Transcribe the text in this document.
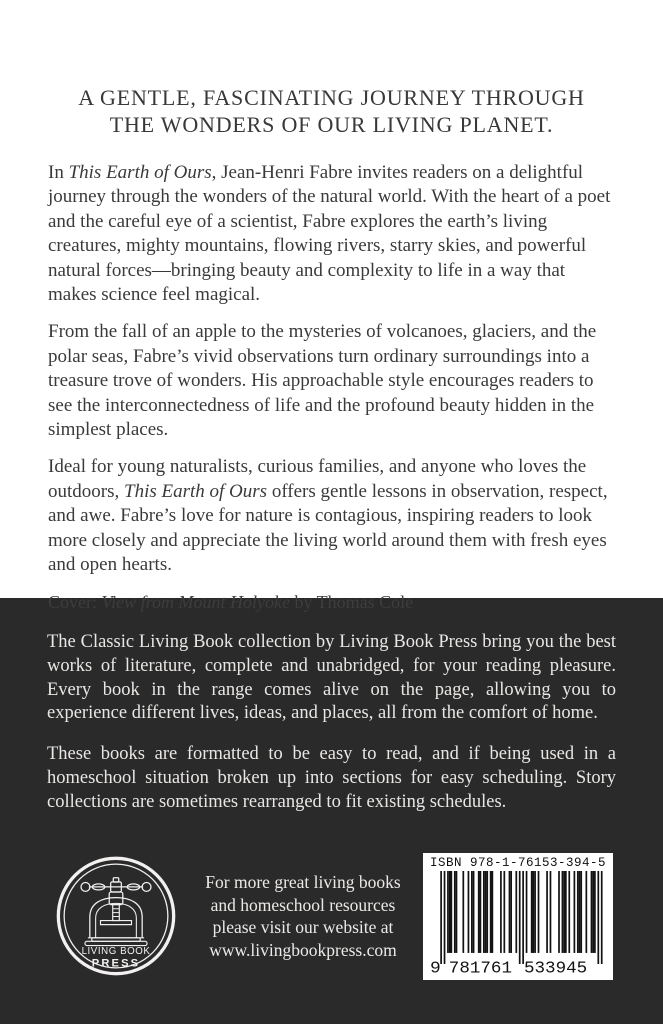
A GENTLE, FASCINATING JOURNEY THROUGH
THE WONDERS OF OUR LIVING PLANET.

In This Earth of Ours, Jean-Henri Fabre invites readers on a delightful journey through the wonders of the natural world. With the heart of a poet and the careful eye of a scientist, Fabre explores the earth’s living creatures, mighty mountains, flowing rivers, starry skies, and powerful natural forces—bringing beauty and complexity to life in a way that makes science feel magical.

From the fall of an apple to the mysteries of volcanoes, glaciers, and the polar seas, Fabre’s vivid observations turn ordinary surroundings into a treasure trove of wonders. His approachable style encourages readers to see the interconnectedness of life and the profound beauty hidden in the simplest places.

Ideal for young naturalists, curious families, and anyone who loves the outdoors, This Earth of Ours offers gentle lessons in observation, respect, and awe. Fabre’s love for nature is contagious, inspiring readers to look more closely and appreciate the living world around them with fresh eyes and open hearts.

Cover: View from Mount Holyoke by Thomas Cole

The Classic Living Book collection by Living Book Press bring you the best works of literature, complete and unabridged, for your reading pleasure. Every book in the range comes alive on the page, allowing you to experience different lives, ideas, and places, all from the comfort of home.

These books are formatted to be easy to read, and if being used in a homeschool situation broken up into sections for easy scheduling. Story collections are sometimes rearranged to fit existing schedules.

LIVING BOOK
PRESS
For more great living books
and homeschool resources
please visit our website at
www.livingbookpress.com
ISBN 978-1-76153-394-5
9 781761 533945
